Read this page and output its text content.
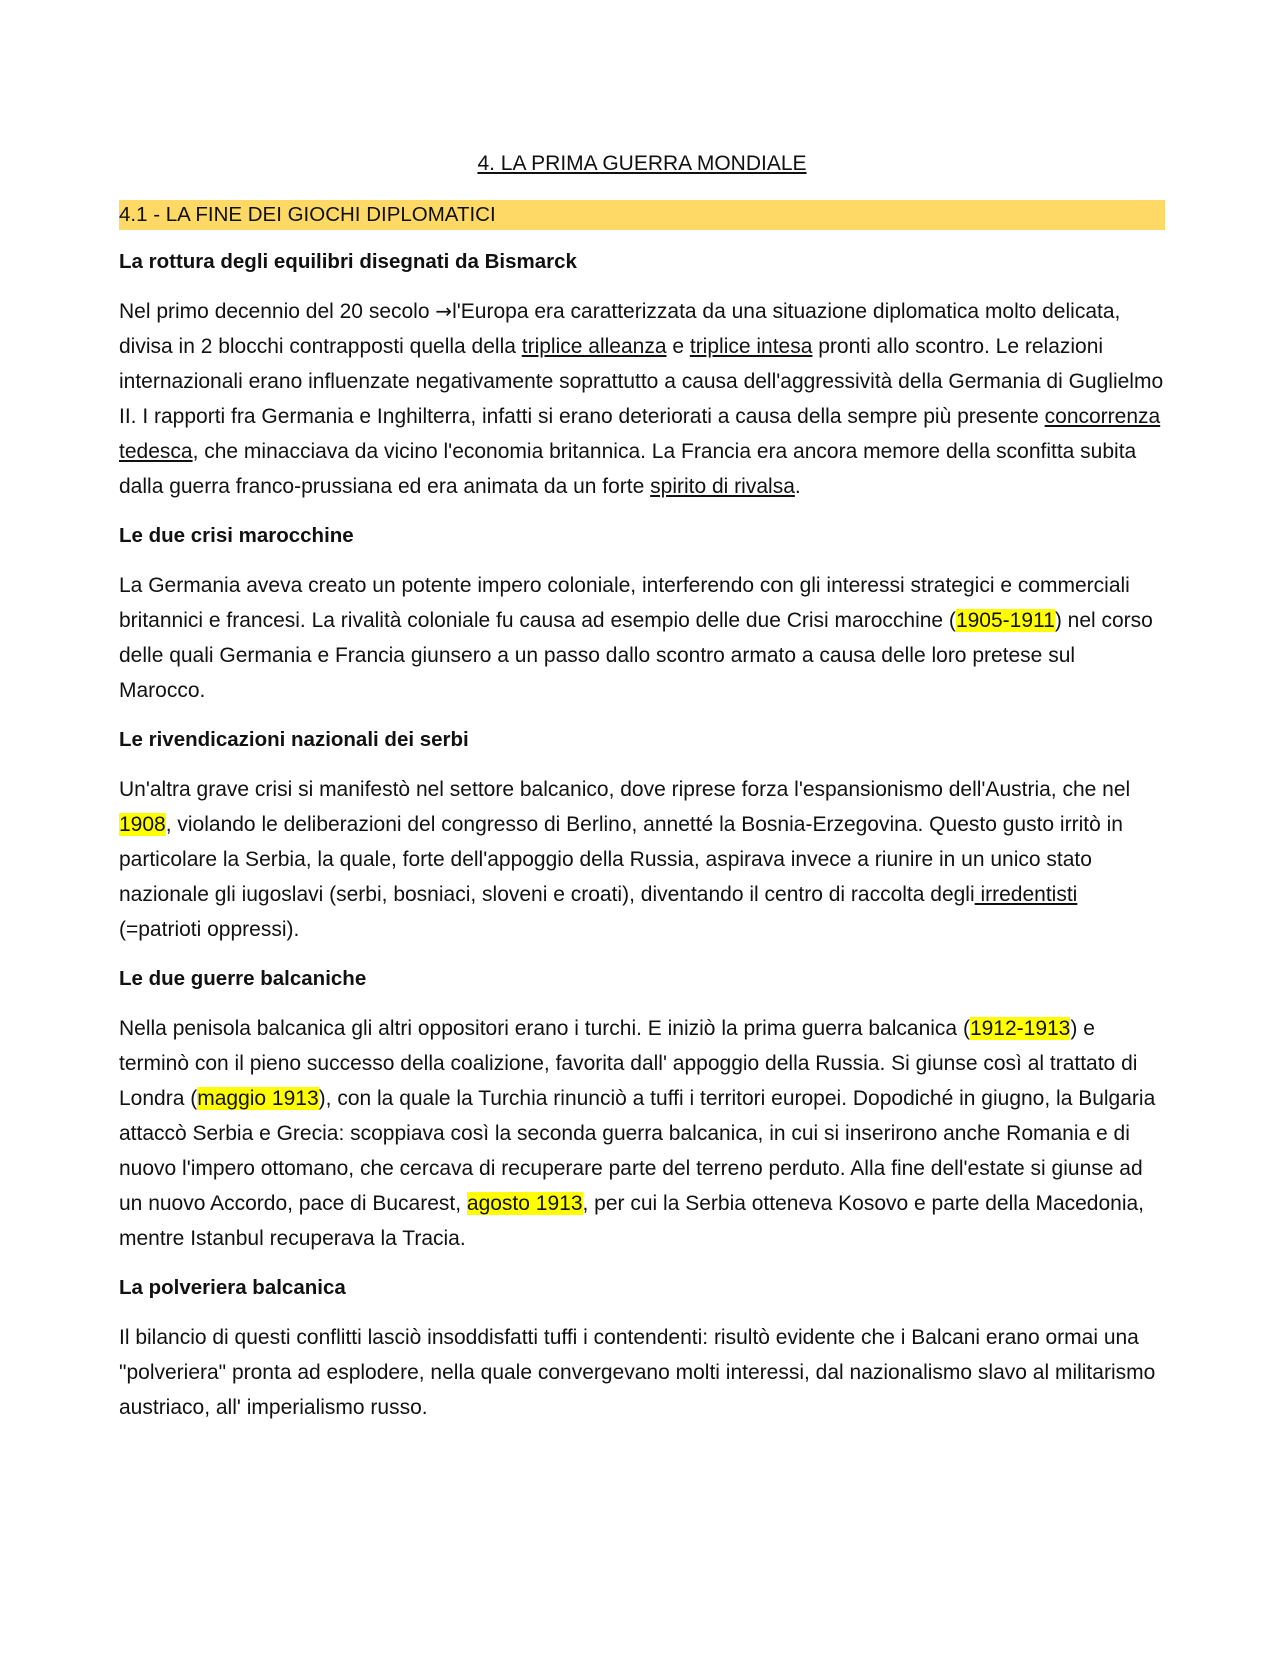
4. LA PRIMA GUERRA MONDIALE
4.1 - LA FINE DEI GIOCHI DIPLOMATICI
La rottura degli equilibri disegnati da Bismarck

Nel primo decennio del 20 secolo →l'Europa era caratterizzata da una situazione diplomatica molto delicata, divisa in 2 blocchi contrapposti quella della triplice alleanza e triplice intesa pronti allo scontro. Le relazioni internazionali erano influenzate negativamente soprattutto a causa dell'aggressività della Germania di Guglielmo II. I rapporti fra Germania e Inghilterra, infatti si erano deteriorati a causa della sempre più presente concorrenza tedesca, che minacciava da vicino l'economia britannica. La Francia era ancora memore della sconfitta subita dalla guerra franco-prussiana ed era animata da un forte spirito di rivalsa.

Le due crisi marocchine

La Germania aveva creato un potente impero coloniale, interferendo con gli interessi strategici e commerciali britannici e francesi. La rivalità coloniale fu causa ad esempio delle due Crisi marocchine (1905-1911) nel corso delle quali Germania e Francia giunsero a un passo dallo scontro armato a causa delle loro pretese sul Marocco.

Le rivendicazioni nazionali dei serbi

Un'altra grave crisi si manifestò nel settore balcanico, dove riprese forza l'espansionismo dell'Austria, che nel 1908, violando le deliberazioni del congresso di Berlino, annetté la Bosnia-Erzegovina. Questo gusto irritò in particolare la Serbia, la quale, forte dell'appoggio della Russia, aspirava invece a riunire in un unico stato nazionale gli iugoslavi (serbi, bosniaci, sloveni e croati), diventando il centro di raccolta degli irredentisti (=patrioti oppressi).

Le due guerre balcaniche

Nella penisola balcanica gli altri oppositori erano i turchi. E iniziò la prima guerra balcanica (1912-1913) e terminò con il pieno successo della coalizione, favorita dall' appoggio della Russia. Si giunse così al trattato di Londra (maggio 1913), con la quale la Turchia rinunciò a tuffi i territori europei. Dopodiché in giugno, la Bulgaria attaccò Serbia e Grecia: scoppiava così la seconda guerra balcanica, in cui si inserirono anche Romania e di nuovo l'impero ottomano, che cercava di recuperare parte del terreno perduto. Alla fine dell'estate si giunse ad un nuovo Accordo, pace di Bucarest, agosto 1913, per cui la Serbia otteneva Kosovo e parte della Macedonia, mentre Istanbul recuperava la Tracia.

La polveriera balcanica

Il bilancio di questi conflitti lasciò insoddisfatti tuffi i contendenti: risultò evidente che i Balcani erano ormai una "polveriera" pronta ad esplodere, nella quale convergevano molti interessi, dal nazionalismo slavo al militarismo austriaco, all' imperialismo russo.
